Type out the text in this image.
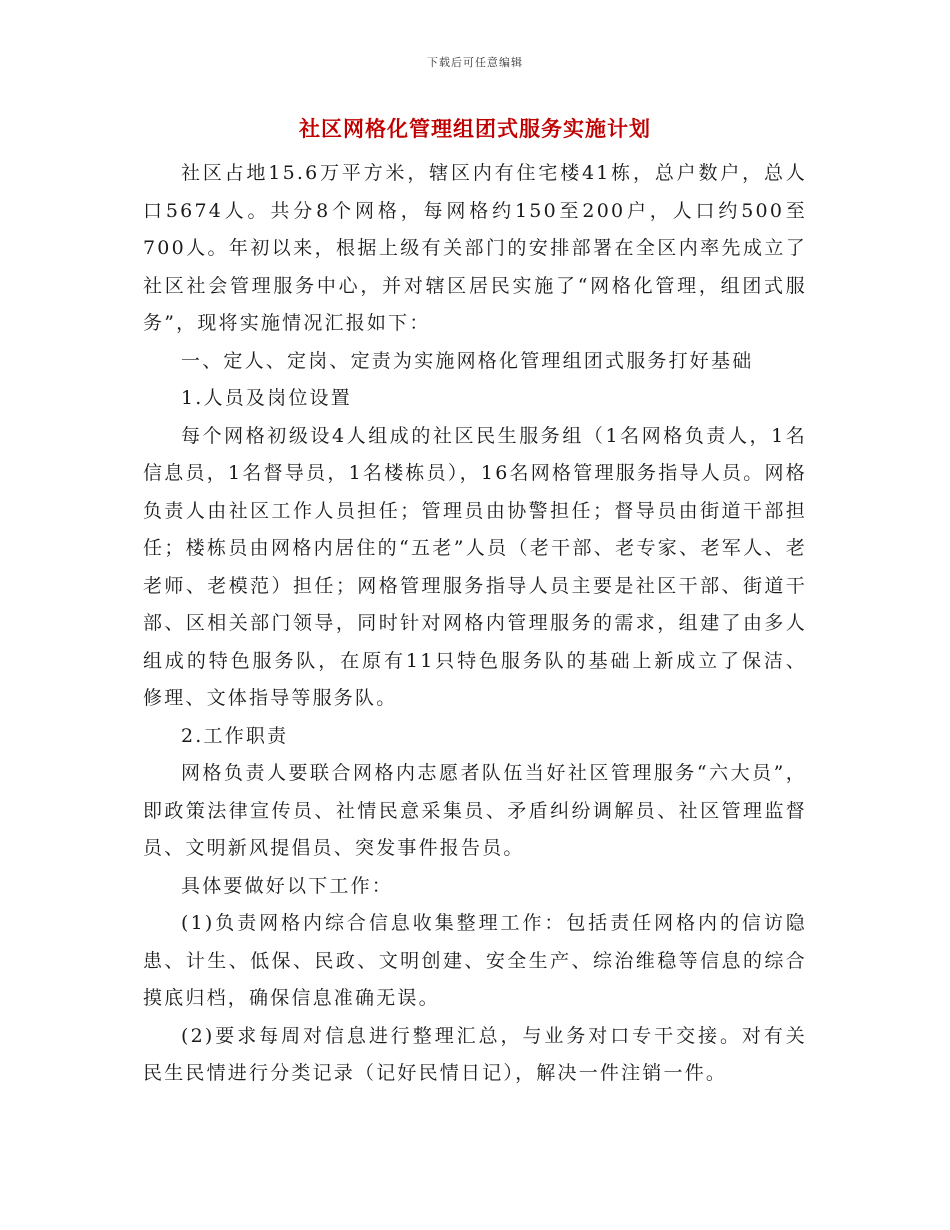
下载后可任意编辑
社区网格化管理组团式服务实施计划

社区占地15.6万平方米，辖区内有住宅楼41栋，总户数户，总人口5674人。共分8个网格，每网格约150至200户，人口约500至700人。年初以来，根据上级有关部门的安排部署在全区内率先成立了社区社会管理服务中心，并对辖区居民实施了“网格化管理，组团式服务”，现将实施情况汇报如下：

一、定人、定岗、定责为实施网格化管理组团式服务打好基础

1.人员及岗位设置

每个网格初级设4人组成的社区民生服务组（1名网格负责人，1名信息员，1名督导员，1名楼栋员），16名网格管理服务指导人员。网格负责人由社区工作人员担任；管理员由协警担任；督导员由街道干部担任；楼栋员由网格内居住的“五老”人员（老干部、老专家、老军人、老老师、老模范）担任；网格管理服务指导人员主要是社区干部、街道干部、区相关部门领导，同时针对网格内管理服务的需求，组建了由多人组成的特色服务队，在原有11只特色服务队的基础上新成立了保洁、修理、文体指导等服务队。

2.工作职责

网格负责人要联合网格内志愿者队伍当好社区管理服务“六大员”，即政策法律宣传员、社情民意采集员、矛盾纠纷调解员、社区管理监督员、文明新风提倡员、突发事件报告员。

具体要做好以下工作：

(1)负责网格内综合信息收集整理工作：包括责任网格内的信访隐患、计生、低保、民政、文明创建、安全生产、综治维稳等信息的综合摸底归档，确保信息准确无误。

(2)要求每周对信息进行整理汇总，与业务对口专干交接。对有关民生民情进行分类记录（记好民情日记），解决一件注销一件。
